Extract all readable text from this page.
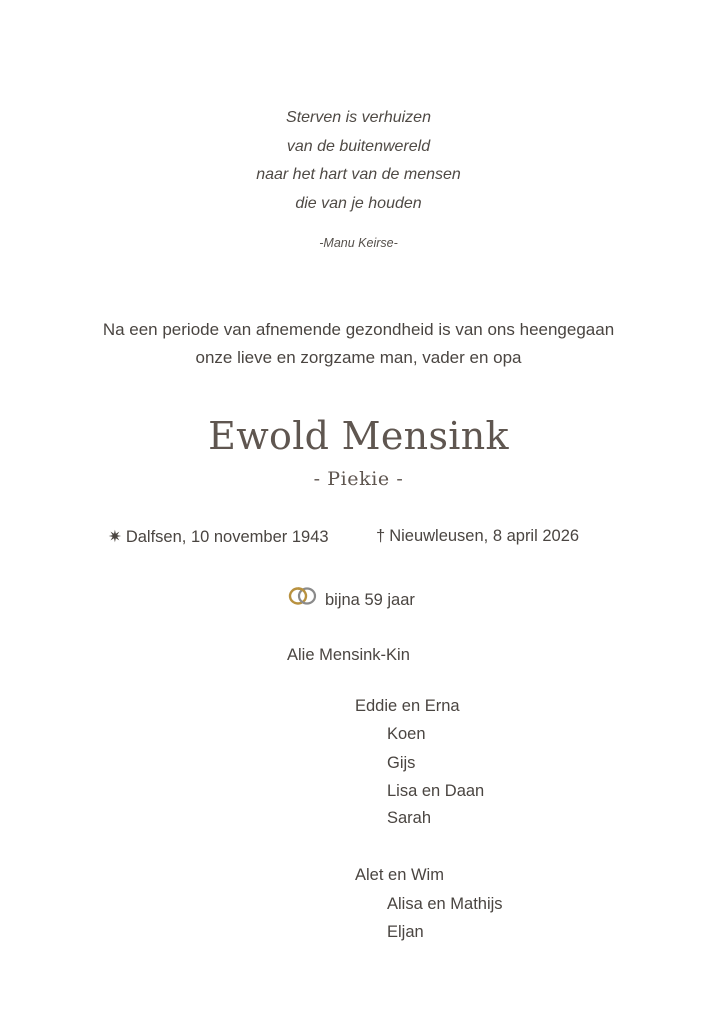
Sterven is verhuizen
van de buitenwereld
naar het hart van de mensen
die van je houden
-Manu Keirse-
Na een periode van afnemende gezondheid is van ons heengegaan
onze lieve en zorgzame man, vader en opa
Ewold Mensink
- Piekie -
✷ Dalfsen, 10 november 1943	† Nieuwleusen, 8 april 2026
bijna 59 jaar
Alie Mensink-Kin
Eddie en Erna
Koen
Gijs
Lisa en Daan
Sarah
Alet en Wim
Alisa en Mathijs
Eljan
